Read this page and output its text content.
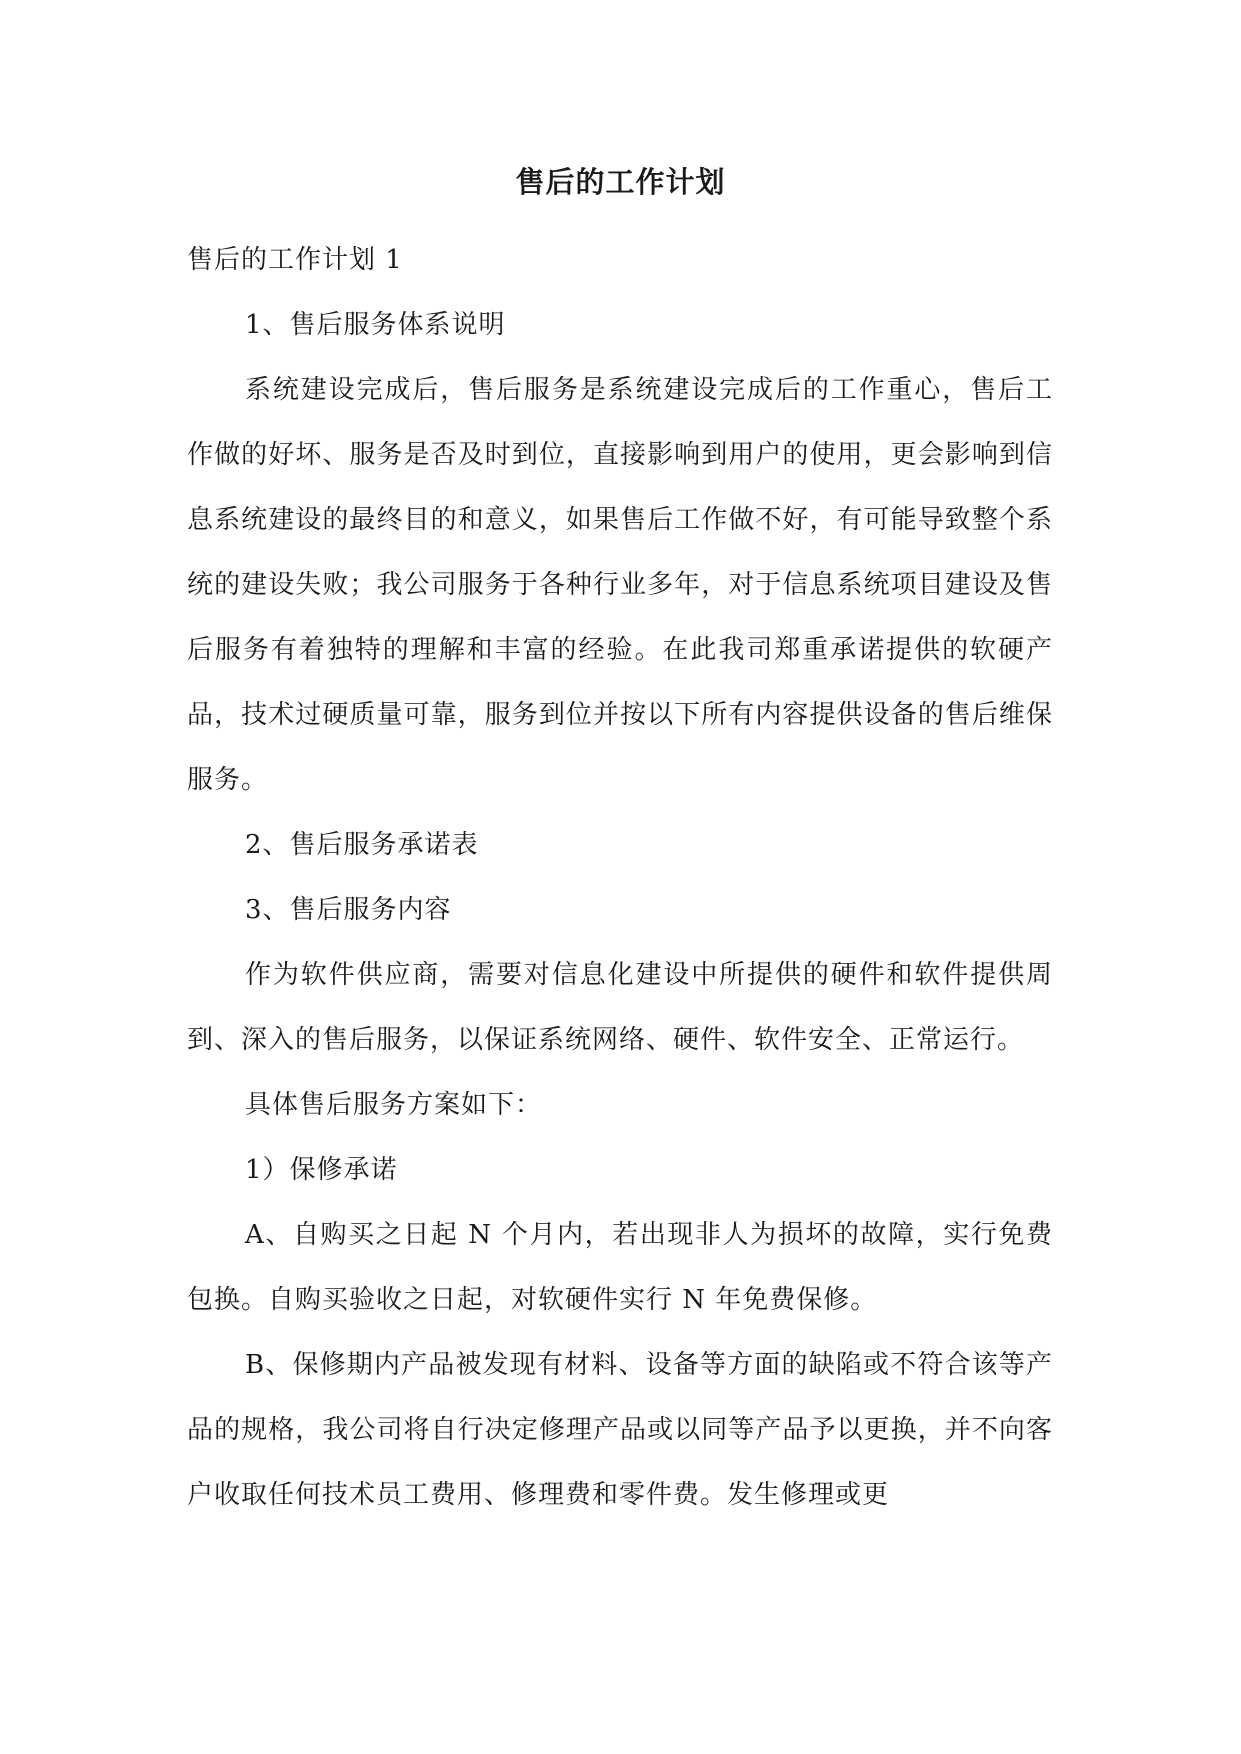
售后的工作计划

售后的工作计划 1

1、售后服务体系说明

系统建设完成后，售后服务是系统建设完成后的工作重心，售后工作做的好坏、服务是否及时到位，直接影响到用户的使用，更会影响到信息系统建设的最终目的和意义，如果售后工作做不好，有可能导致整个系统的建设失败；我公司服务于各种行业多年，对于信息系统项目建设及售后服务有着独特的理解和丰富的经验。在此我司郑重承诺提供的软硬产品，技术过硬质量可靠，服务到位并按以下所有内容提供设备的售后维保服务。

2、售后服务承诺表

3、售后服务内容

作为软件供应商，需要对信息化建设中所提供的硬件和软件提供周到、深入的售后服务，以保证系统网络、硬件、软件安全、正常运行。

具体售后服务方案如下：

1）保修承诺

A、自购买之日起 N 个月内，若出现非人为损坏的故障，实行免费包换。自购买验收之日起，对软硬件实行 N 年免费保修。

B、保修期内产品被发现有材料、设备等方面的缺陷或不符合该等产品的规格，我公司将自行决定修理产品或以同等产品予以更换，并不向客户收取任何技术员工费用、修理费和零件费。发生修理或更
